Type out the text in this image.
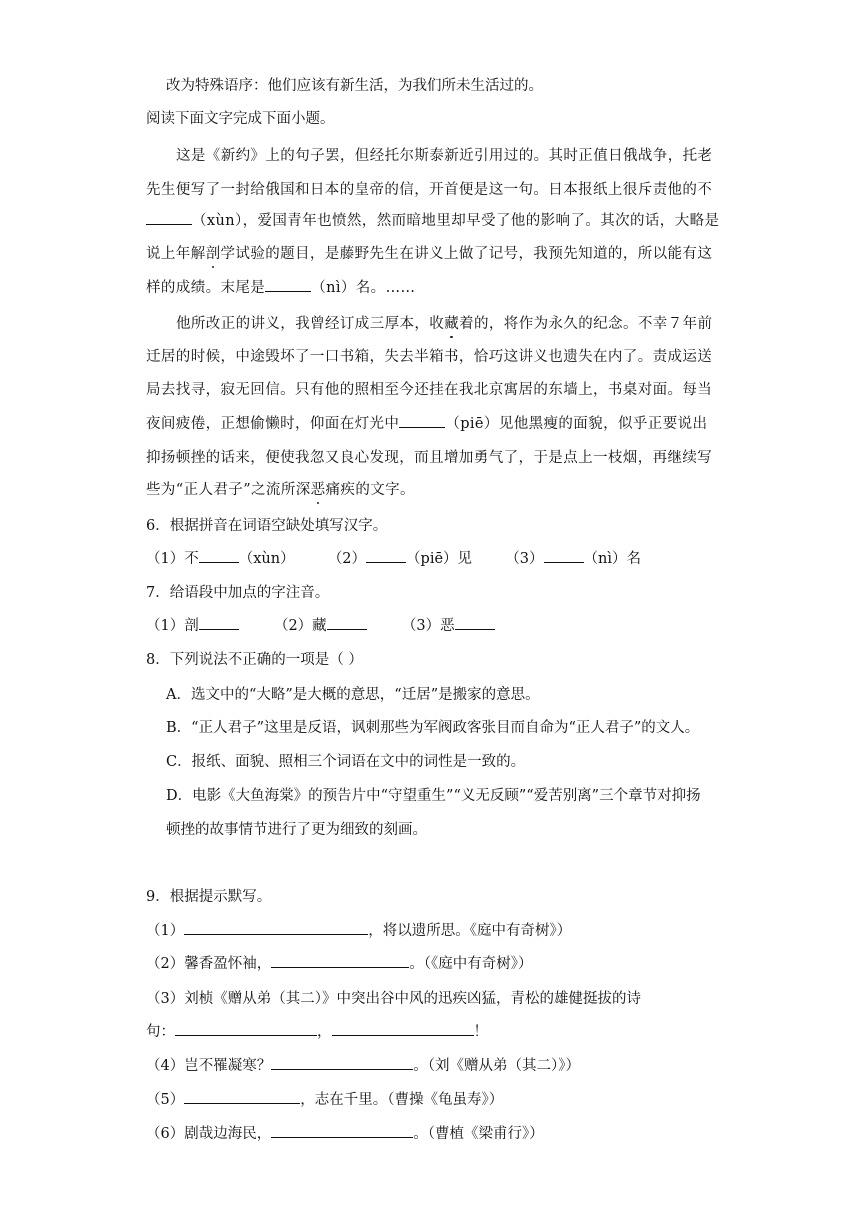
改为特殊语序：他们应该有新生活，为我们所未生活过的。
阅读下面文字完成下面小题。
这是《新约》上的句子罢，但经托尔斯泰新近引用过的。其时正值日俄战争，托老
先生便写了一封给俄国和日本的皇帝的信，开首便是这一句。日本报纸上很斥责他的不
（xùn），爱国青年也愤然，然而暗地里却早受了他的影响了。其次的话，大略是
说上年解剖学试验的题目，是藤野先生在讲义上做了记号，我预先知道的，所以能有这
样的成绩。末尾是	（nì）名。……
他所改正的讲义，我曾经订成三厚本，收藏着的，将作为永久的纪念。不幸７年前
迁居的时候，中途毁坏了一口书箱，失去半箱书，恰巧这讲义也遗失在内了。责成运送
局去找寻，寂无回信。只有他的照相至今还挂在我北京寓居的东墙上，书桌对面。每当
夜间疲倦，正想偷懒时，仰面在灯光中	（piē）见他黑瘦的面貌，似乎正要说出
抑扬顿挫的话来，便使我忽又良心发现，而且增加勇气了，于是点上一枝烟，再继续写
些为“正人君子”之流所深恶痛疾的文字。
6．根据拼音在词语空缺处填写汉字。
（1）不	（xùn） （2）	（piē）见 （3）	（nì）名
7．给语段中加点的字注音。
（1）剖	（2）藏	（3）恶
8．下列说法不正确的一项是（ ）
A．选文中的“大略”是大概的意思，“迁居”是搬家的意思。
B．“正人君子”这里是反语，讽刺那些为军阀政客张目而自命为“正人君子”的文人。
C．报纸、面貌、照相三个词语在文中的词性是一致的。
D．电影《大鱼海棠》的预告片中“守望重生”“义无反顾”“爱苦别离”三个章节对抑扬
顿挫的故事情节进行了更为细致的刻画。
9．根据提示默写。
（1）	，将以遗所思。《庭中有奇树》）
（2）馨香盈怀袖，	。（《庭中有奇树》）
（3）刘桢《赠从弟（其二）》中突出谷中风的迅疾凶猛，青松的雄健挺拔的诗
句：	，	！
（4）岂不罹凝寒？	。（刘《赠从弟（其二）》）
（5）	，志在千里。（曹操《龟虽寿》）
（6）剧哉边海民，	。（曹植《梁甫行》）
